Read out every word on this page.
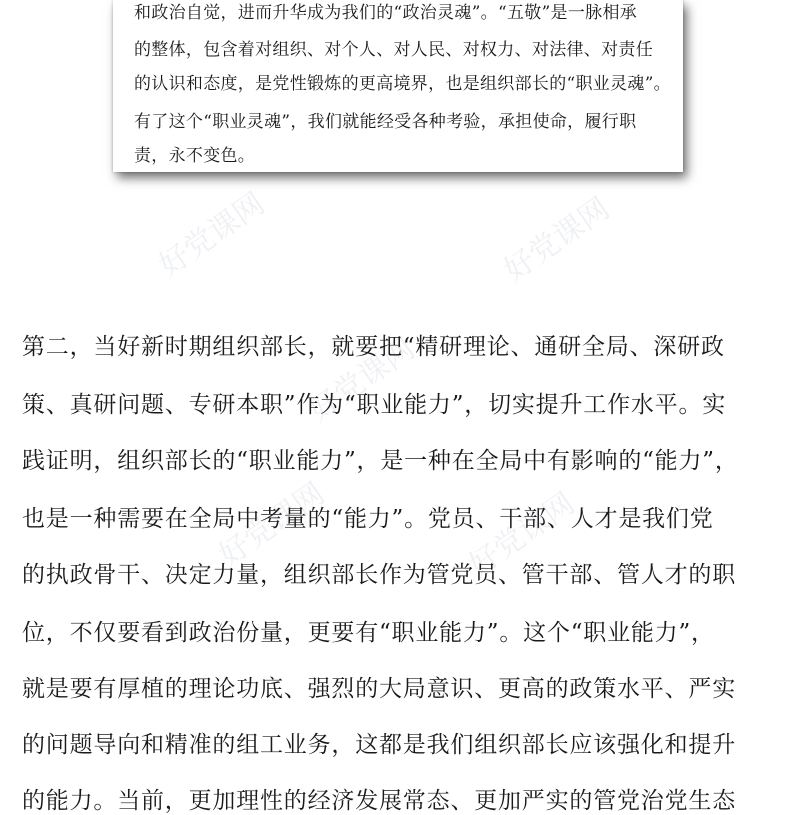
和政治自觉，进而升华成为我们的“政治灵魂”。“五敬”是一脉相承
的整体，包含着对组织、对个人、对人民、对权力、对法律、对责任
的认识和态度，是党性锻炼的更高境界，也是组织部长的“职业灵魂”。
有了这个“职业灵魂”，我们就能经受各种考验，承担使命，履行职
责，永不变色。
好党课网	好党课网
好党课网
好党课网	好党课网
第二，当好新时期组织部长，就要把“精研理论、通研全局、深研政
策、真研问题、专研本职”作为“职业能力”，切实提升工作水平。实
践证明，组织部长的“职业能力”，是一种在全局中有影响的“能力”，
也是一种需要在全局中考量的“能力”。党员、干部、人才是我们党
的执政骨干、决定力量，组织部长作为管党员、管干部、管人才的职
位，不仅要看到政治份量，更要有“职业能力”。这个“职业能力”，
就是要有厚植的理论功底、强烈的大局意识、更高的政策水平、严实
的问题导向和精准的组工业务，这都是我们组织部长应该强化和提升
的能力。当前，更加理性的经济发展常态、更加严实的管党治党生态
